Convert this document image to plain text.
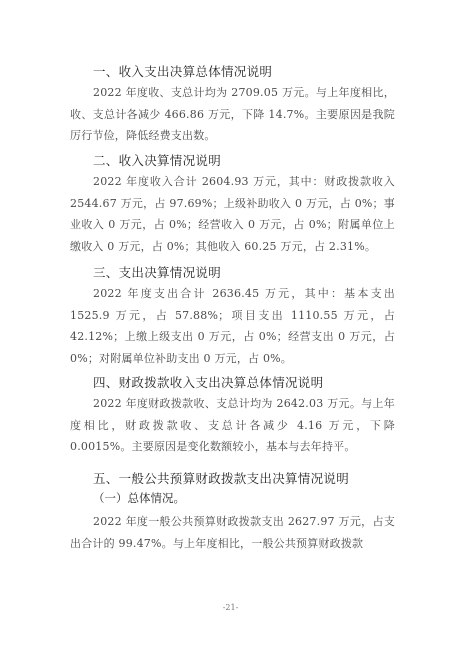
一、收入支出决算总体情况说明

2022 年度收、支总计均为 2709.05 万元。与上年度相比，收、支总计各减少 466.86 万元，下降 14.7%。主要原因是我院厉行节俭，降低经费支出数。

二、收入决算情况说明

2022 年度收入合计 2604.93 万元，其中：财政拨款收入 2544.67 万元，占 97.69%；上级补助收入 0 万元，占 0%；事业收入 0 万元，占 0%；经营收入 0 万元，占 0%；附属单位上缴收入 0 万元，占 0%；其他收入 60.25 万元，占 2.31%。

三、支出决算情况说明

2022 年度支出合计 2636.45 万元，其中：基本支出 1525.9 万元，占 57.88%；项目支出 1110.55 万元，占 42.12%；上缴上级支出 0 万元，占 0%；经营支出 0 万元，占 0%；对附属单位补助支出 0 万元，占 0%。

四、财政拨款收入支出决算总体情况说明

2022 年度财政拨款收、支总计均为 2642.03 万元。与上年度相比，财政拨款收、支总计各减少 4.16 万元，下降 0.0015%。主要原因是变化数额较小，基本与去年持平。

五、一般公共预算财政拨款支出决算情况说明
（一）总体情况。

2022 年度一般公共预算财政拨款支出 2627.97 万元，占支出合计的 99.47%。与上年度相比，一般公共预算财政拨款

-21-
